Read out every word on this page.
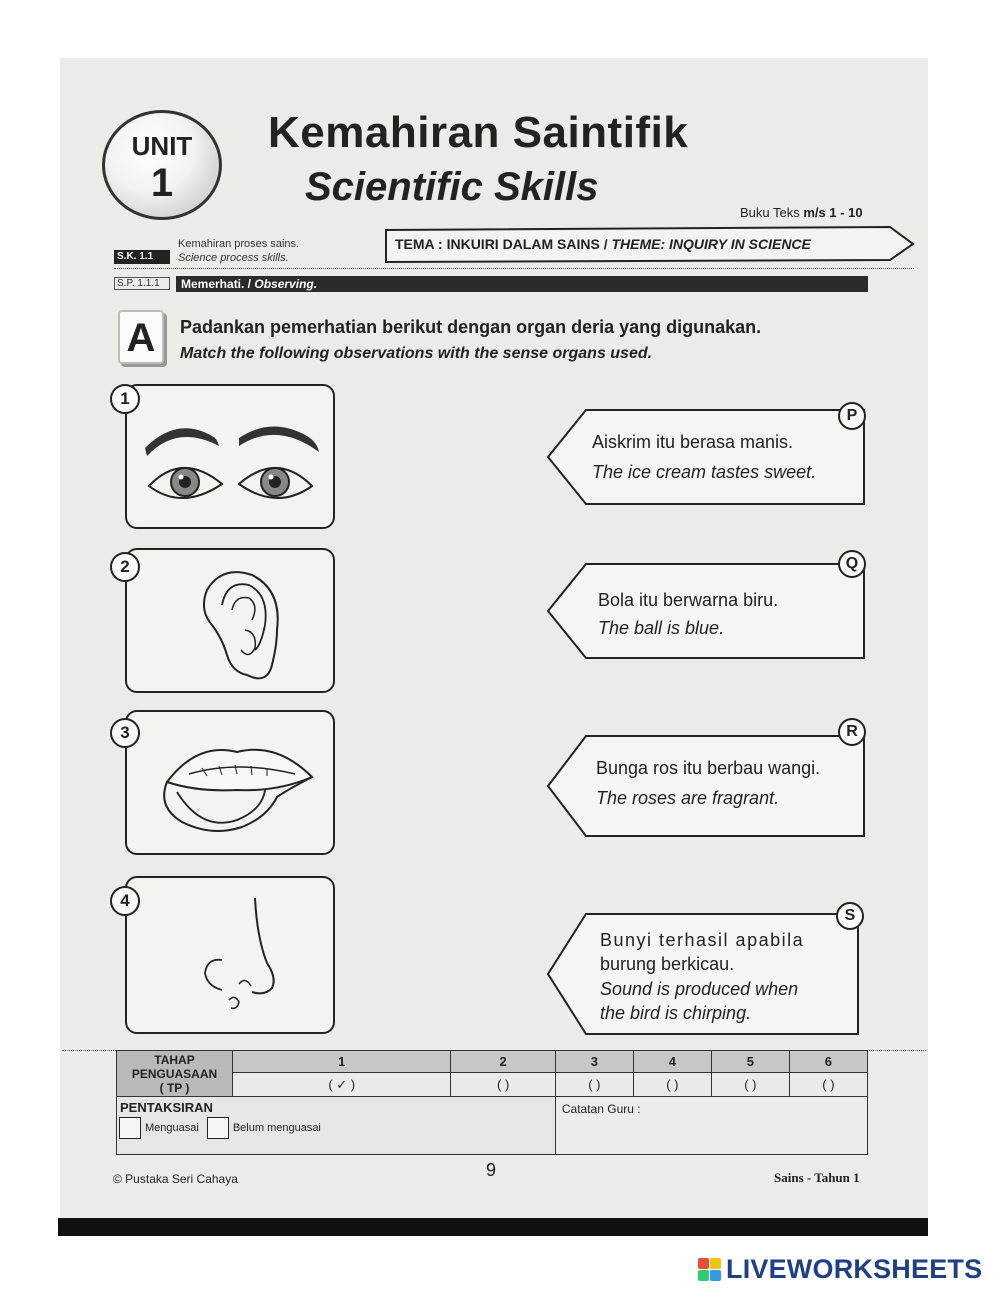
UNIT
1
Kemahiran Saintifik
Scientific Skills
Buku Teks m/s 1 - 10
S.K. 1.1
Kemahiran proses sains.
Science process skills.
TEMA : INKUIRI DALAM SAINS / THEME: INQUIRY IN SCIENCE
S.P. 1.1.1	Memerhati. / Observing.
A	Padankan pemerhatian berikut dengan organ deria yang digunakan.
Match the following observations with the sense organs used.
1
2
3
4
Aiskrim itu berasa manis.
The ice cream tastes sweet.
P
Bola itu berwarna biru.
The ball is blue.
Q
Bunga ros itu berbau wangi.
The roses are fragrant.
R
Bunyi terhasil apabila
burung berkicau.
Sound is produced when
the bird is chirping.
S
TAHAP
PENGUASAAN
( TP )	1	2	3	4	5	6
	( ✓ )	( )	( )	( )	( )	( )

PENTAKSIRAN
Menguasai Belum menguasai			Catatan Guru :			
© Pustaka Seri Cahaya	9	Sains - Tahun 1
LIVEWORKSHEETS
